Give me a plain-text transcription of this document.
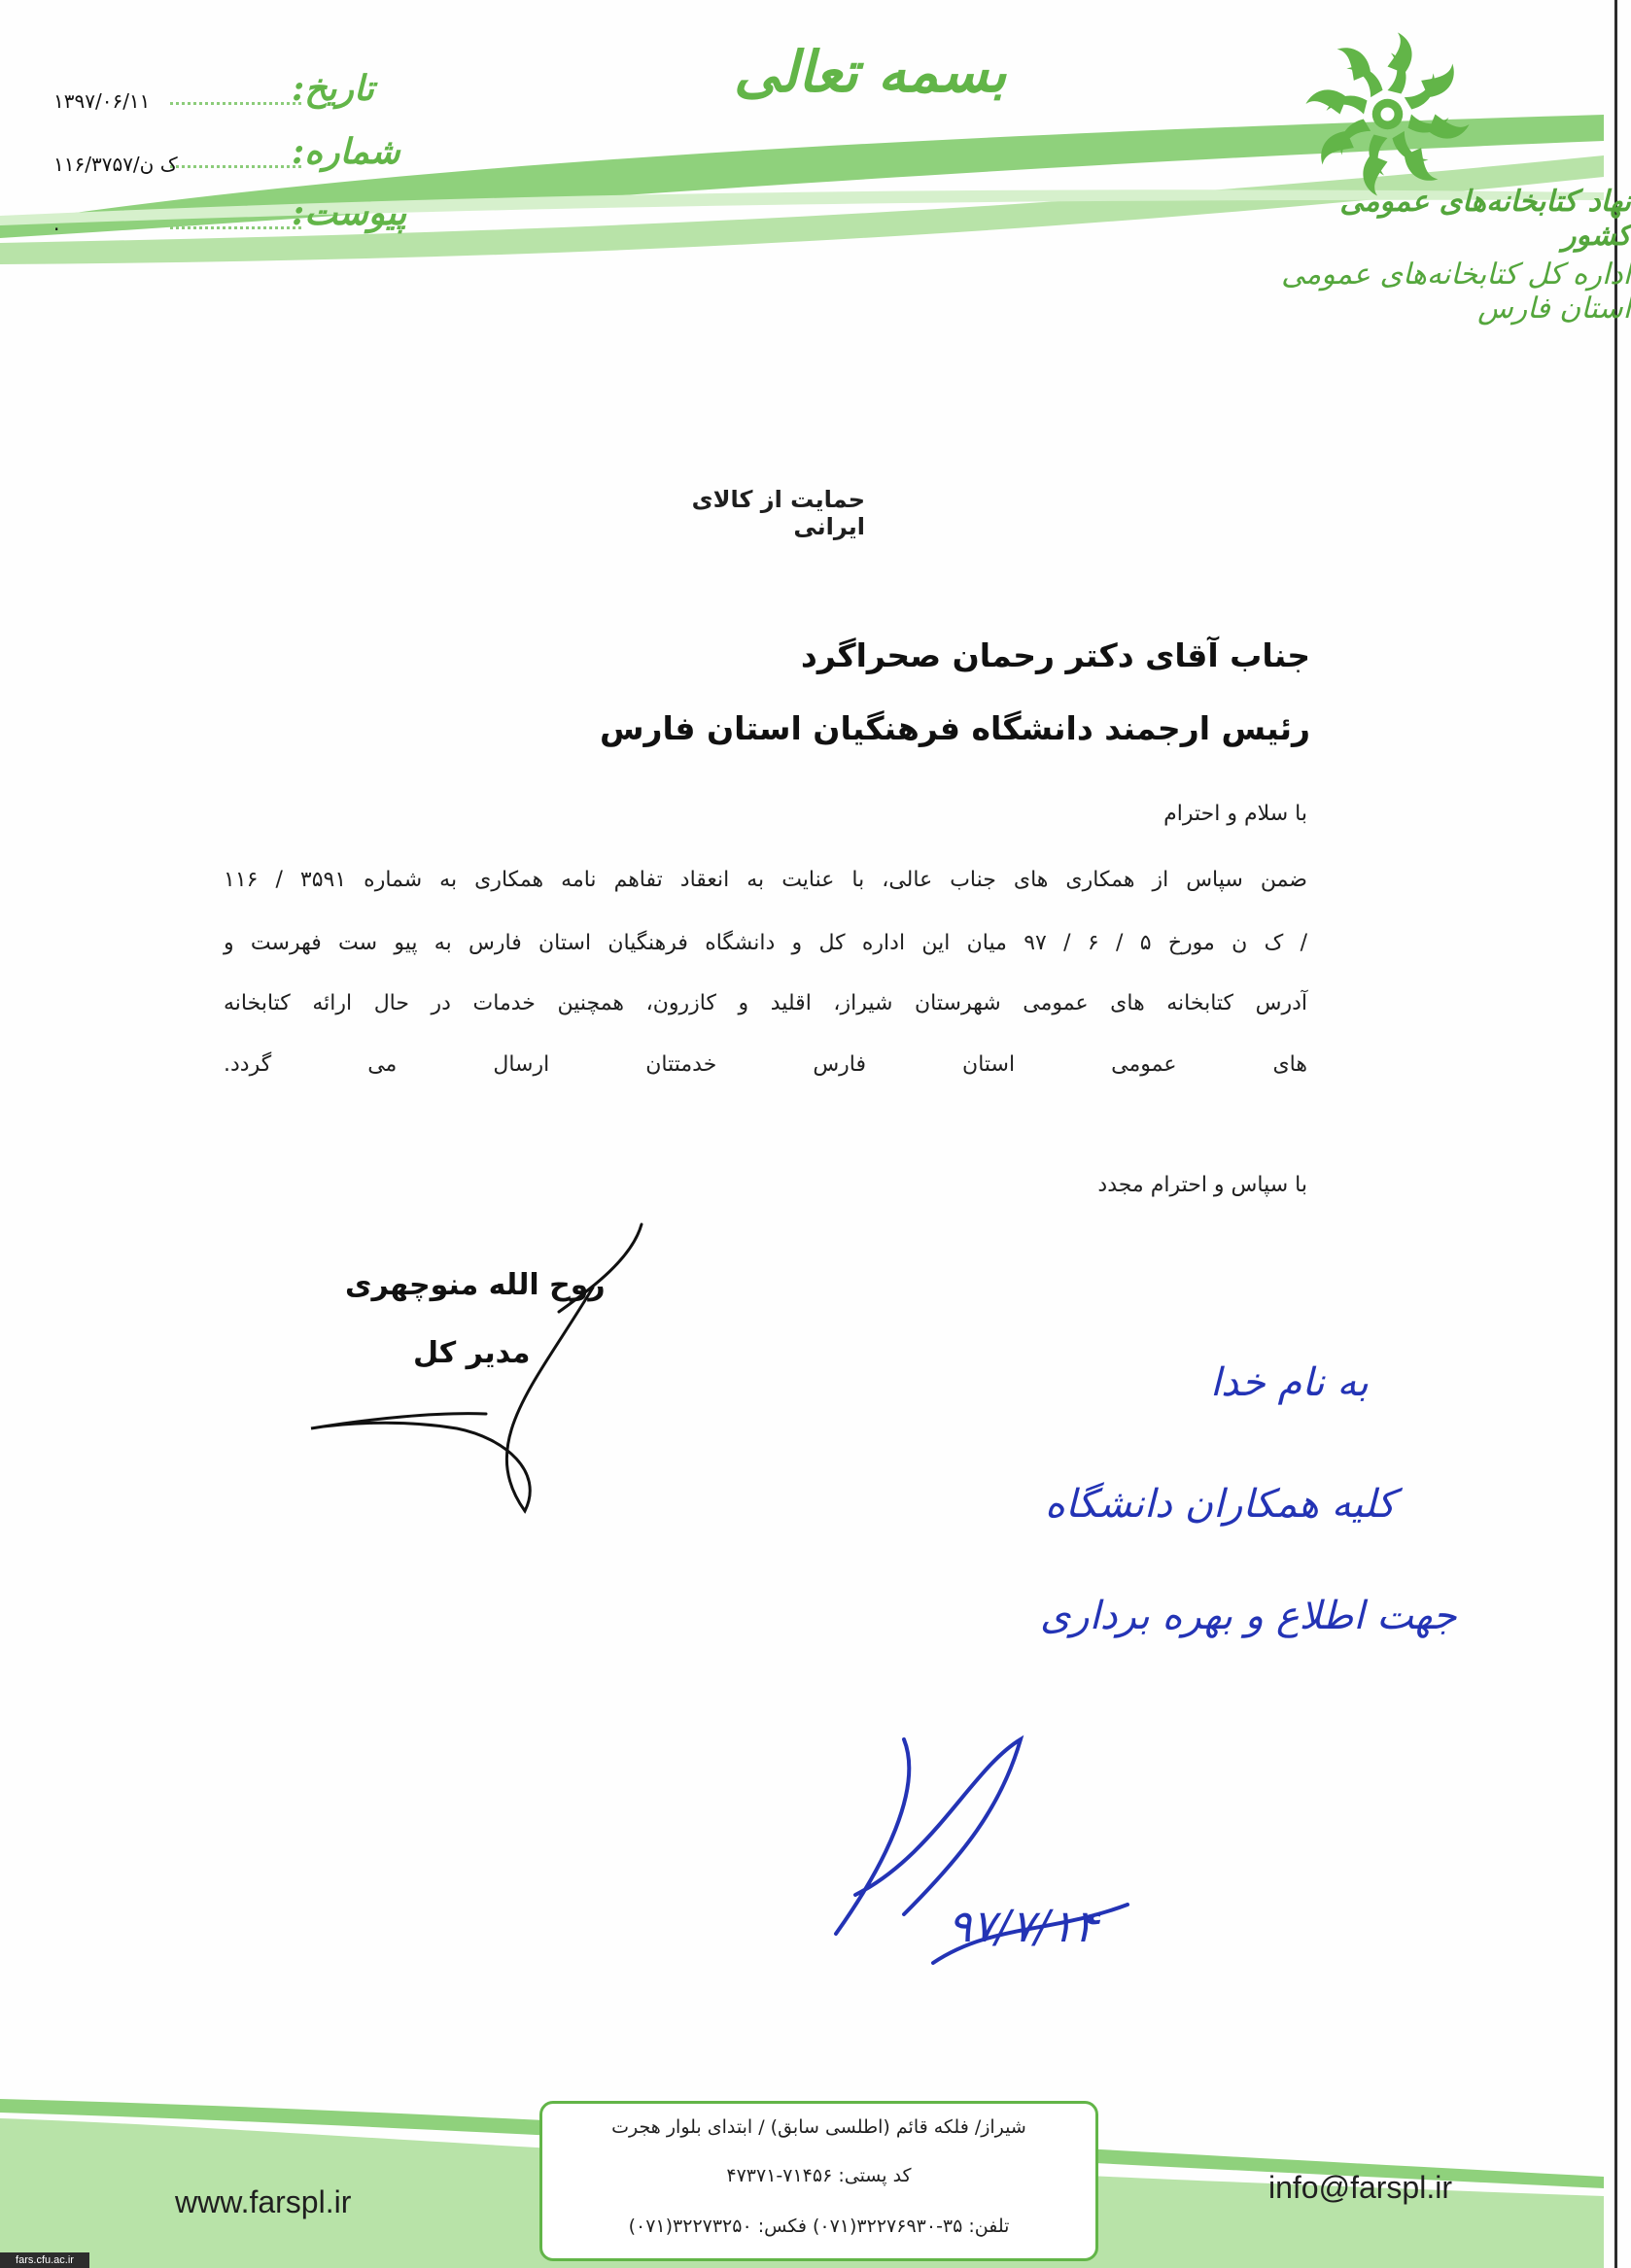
بسمه تعالی
تاریخ:
۱۳۹۷/۰۶/۱۱
شماره:
۱۱۶/۳۷۵۷/ک ن
پیوست:
.
نهاد کتابخانه‌های عمومی کشور
اداره کل کتابخانه‌های عمومی استان فارس
حمایت از کالای ایرانی
جناب آقای دکتر رحمان صحراگرد
رئیس ارجمند دانشگاه فرهنگیان استان فارس
با سلام و احترام
ضمن سپاس از همکاری های جناب عالی، با عنایت به انعقاد تفاهم نامه همکاری به شماره ۳۵۹۱ / ۱۱۶
/ ک ن مورخ ۵ / ۶ / ۹۷ میان این اداره کل و دانشگاه فرهنگیان استان فارس به پیو ست فهرست و
آدرس کتابخانه های عمومی شهرستان شیراز، اقلید و کازرون، همچنین خدمات در حال ارائه کتابخانه
های عمومی استان فارس خدمتتان ارسال می گردد.
با سپاس و احترام مجدد
روح الله منوچهری
مدیر کل
به نام خدا
کلیه همکاران دانشگاه
جهت اطلاع و بهره برداری
۹۷/۷/۱۴
www.farspl.ir	info@farspl.ir
شیراز/ فلکه قائم (اطلسی سابق) / ابتدای بلوار هجرت
کد پستی: ۷۱۴۵۶-۴۷۳۷۱
تلفن: ۳۵-۳۲۲۷۶۹۳۰(۰۷۱) فکس: ۳۲۲۷۳۲۵۰(۰۷۱)
fars.cfu.ac.ir
